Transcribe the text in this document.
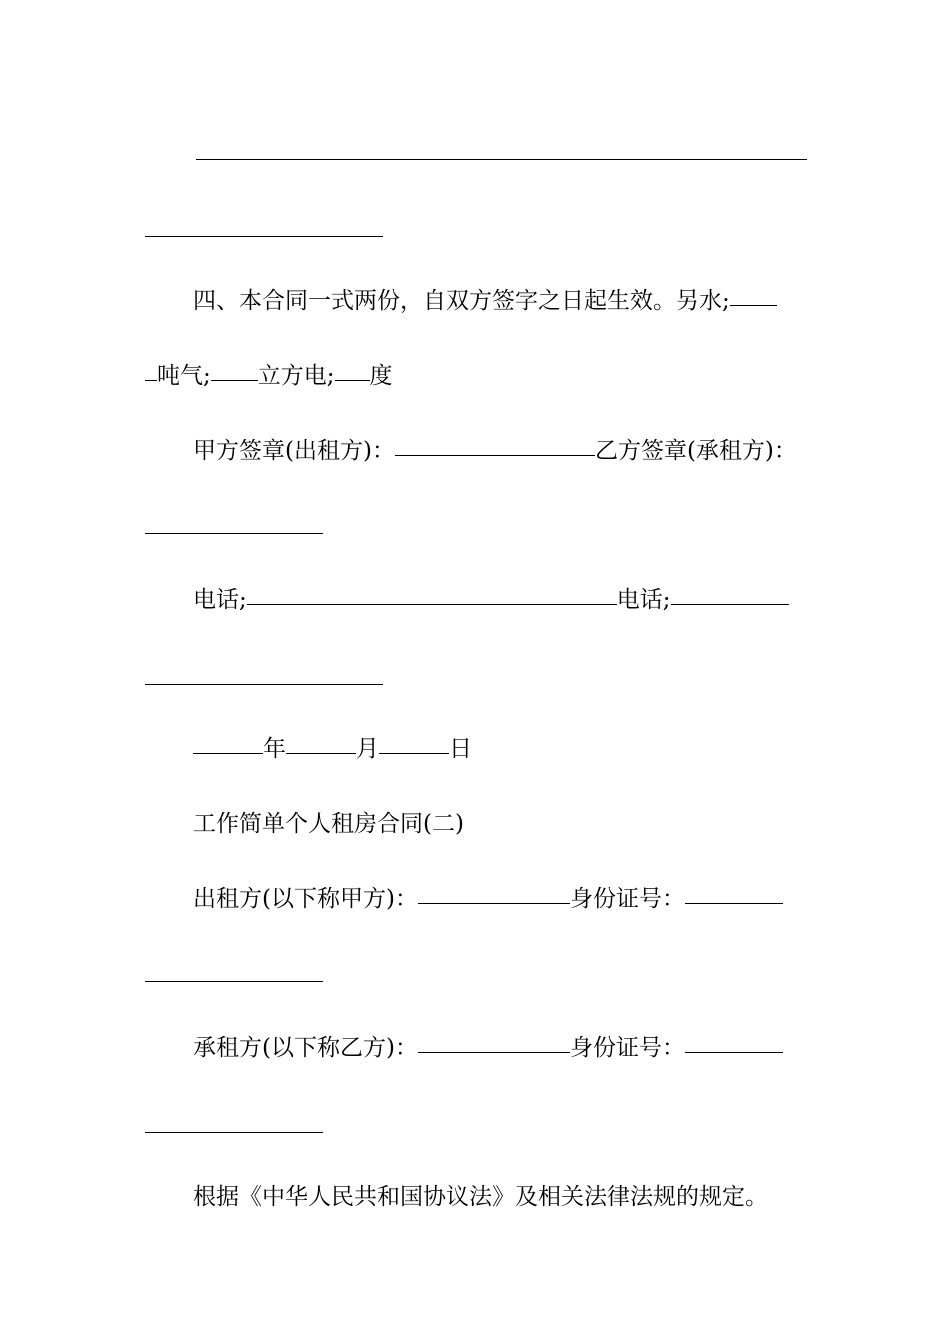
四、本合同一式两份，自双方签字之日起生效。另水;
吨气; 立方电; 度
甲方签章(出租方)：	乙方签章(承租方)：
电话;	电话;
年	月	日
工作简单个人租房合同(二)
出租方(以下称甲方)：	身份证号：
承租方(以下称乙方)：	身份证号：
根据《中华人民共和国协议法》及相关法律法规的规定。
